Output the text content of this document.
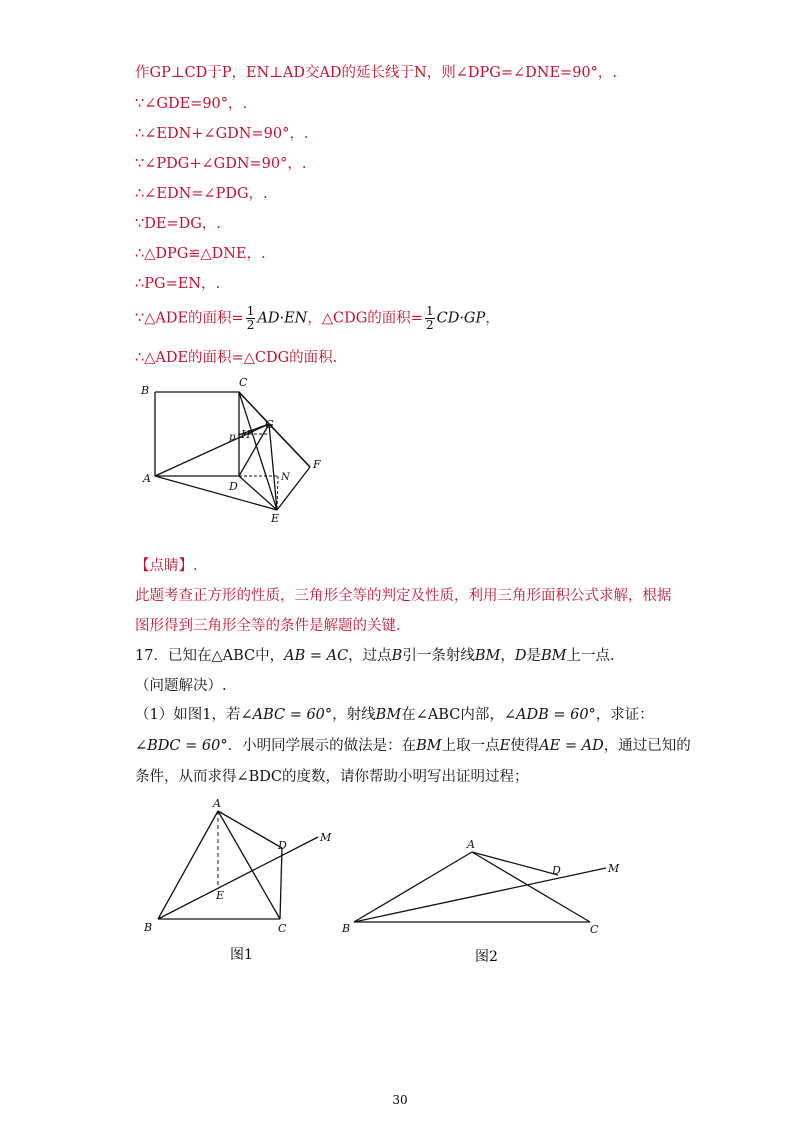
作GP⊥CD于P，EN⊥AD交AD的延长线于N，则∠DPG=∠DNE=90°，.
∵∠GDE=90°，.
∴∠EDN+∠GDN=90°，.
∵∠PDG+∠GDN=90°，.
∴∠EDN=∠PDG，.
∵DE=DG，.
∴△DPG≌△DNE，.
∴PG=EN，.
∵△ADE的面积= $\frac{1}{2} AD\cdot EN$，△CDG的面积= $\frac{1}{2} CD\cdot GP$，
∴△ADE的面积=△CDG的面积.
B
C
A
D
E
F
G
H
N
p
【点睛】.
此题考查正方形的性质，三角形全等的判定及性质，利用三角形面积公式求解，根据
图形得到三角形全等的条件是解题的关键.
17．已知在△ABC中，AB = AC，过点B引一条射线BM，D是BM上一点.
（问题解决）.
（1）如图1，若∠ABC = 60°，射线BM在∠ABC内部，∠ADB = 60°，求证：
∠BDC = 60°．小明同学展示的做法是：在BM上取一点E使得AE = AD，通过已知的
条件，从而求得∠BDC的度数，请你帮助小明写出证明过程；
A
D
M
E
B	C
图1
A
D	M
B	C
图2
30
